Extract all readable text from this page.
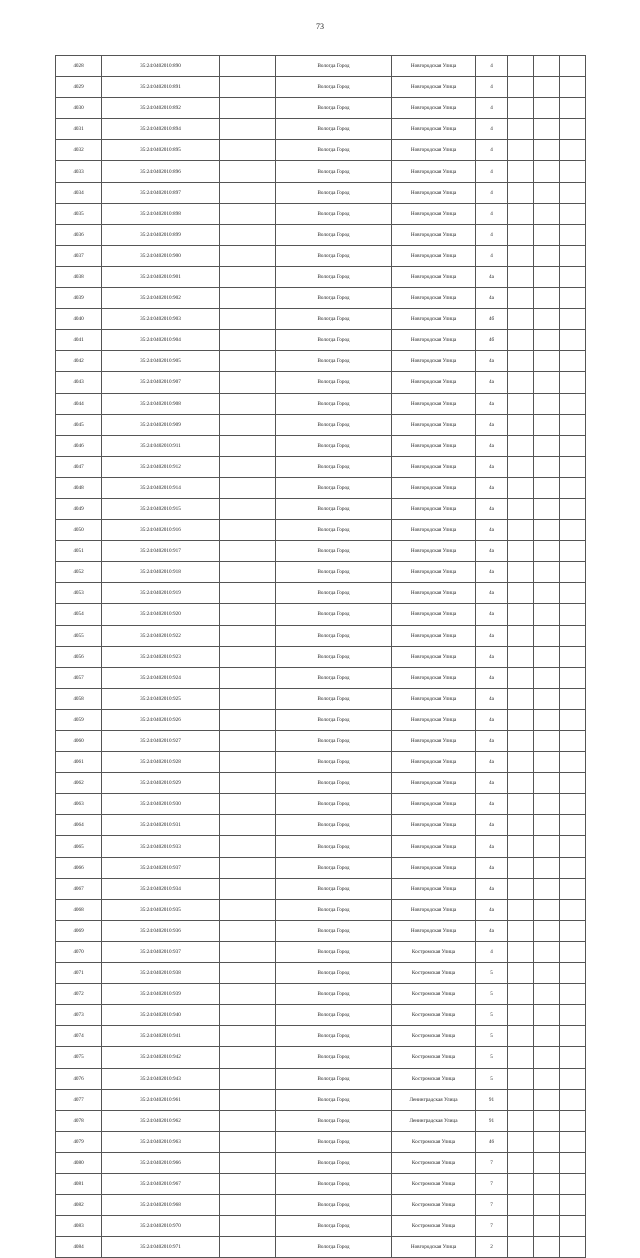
73
4028	35:24:0402010:890		Вологда Город	Новгородская Улица	4			
4029	35:24:0402010:891		Вологда Город	Новгородская Улица	4			
4030	35:24:0402010:892		Вологда Город	Новгородская Улица	4			
4031	35:24:0402010:894		Вологда Город	Новгородская Улица	4			
4032	35:24:0402010:895		Вологда Город	Новгородская Улица	4			
4033	35:24:0402010:896		Вологда Город	Новгородская Улица	4			
4034	35:24:0402010:897		Вологда Город	Новгородская Улица	4			
4035	35:24:0402010:898		Вологда Город	Новгородская Улица	4			
4036	35:24:0402010:899		Вологда Город	Новгородская Улица	4			
4037	35:24:0402010:900		Вологда Город	Новгородская Улица	4			
4038	35:24:0402010:901		Вологда Город	Новгородская Улица	4а			
4039	35:24:0402010:902		Вологда Город	Новгородская Улица	4а			
4040	35:24:0402010:903		Вологда Город	Новгородская Улица	4б			
4041	35:24:0402010:904		Вологда Город	Новгородская Улица	4б			
4042	35:24:0402010:905		Вологда Город	Новгородская Улица	4а			
4043	35:24:0402010:907		Вологда Город	Новгородская Улица	4а			
4044	35:24:0402010:908		Вологда Город	Новгородская Улица	4а			
4045	35:24:0402010:909		Вологда Город	Новгородская Улица	4а			
4046	35:24:0402010:911		Вологда Город	Новгородская Улица	4а			
4047	35:24:0402010:912		Вологда Город	Новгородская Улица	4а			
4048	35:24:0402010:914		Вологда Город	Новгородская Улица	4а			
4049	35:24:0402010:915		Вологда Город	Новгородская Улица	4а			
4050	35:24:0402010:916		Вологда Город	Новгородская Улица	4а			
4051	35:24:0402010:917		Вологда Город	Новгородская Улица	4а			
4052	35:24:0402010:918		Вологда Город	Новгородская Улица	4а			
4053	35:24:0402010:919		Вологда Город	Новгородская Улица	4а			
4054	35:24:0402010:920		Вологда Город	Новгородская Улица	4а			
4055	35:24:0402010:922		Вологда Город	Новгородская Улица	4а			
4056	35:24:0402010:923		Вологда Город	Новгородская Улица	4а			
4057	35:24:0402010:924		Вологда Город	Новгородская Улица	4а			
4058	35:24:0402010:925		Вологда Город	Новгородская Улица	4а			
4059	35:24:0402010:926		Вологда Город	Новгородская Улица	4а			
4060	35:24:0402010:927		Вологда Город	Новгородская Улица	4а			
4061	35:24:0402010:928		Вологда Город	Новгородская Улица	4а			
4062	35:24:0402010:929		Вологда Город	Новгородская Улица	4а			
4063	35:24:0402010:930		Вологда Город	Новгородская Улица	4а			
4064	35:24:0402010:931		Вологда Город	Новгородская Улица	4а			
4065	35:24:0402010:933		Вологда Город	Новгородская Улица	4а			
4066	35:24:0402010:937		Вологда Город	Новгородская Улица	4а			
4067	35:24:0402010:934		Вологда Город	Новгородская Улица	4а			
4068	35:24:0402010:935		Вологда Город	Новгородская Улица	4а			
4069	35:24:0402010:936		Вологда Город	Новгородская Улица	4а			
4070	35:24:0402010:937		Вологда Город	Костромская Улица	4			
4071	35:24:0402010:938		Вологда Город	Костромская Улица	5			
4072	35:24:0402010:939		Вологда Город	Костромская Улица	5			
4073	35:24:0402010:940		Вологда Город	Костромская Улица	5			
4074	35:24:0402010:941		Вологда Город	Костромская Улица	5			
4075	35:24:0402010:942		Вологда Город	Костромская Улица	5			
4076	35:24:0402010:943		Вологда Город	Костромская Улица	5			
4077	35:24:0402010:961		Вологда Город	Ленинградская Улица	91			
4078	35:24:0402010:962		Вологда Город	Ленинградская Улица	91			
4079	35:24:0402010:963		Вологда Город	Костромская Улица	46			
4080	35:24:0402010:966		Вологда Город	Костромская Улица	7			
4081	35:24:0402010:967		Вологда Город	Костромская Улица	7			
4082	35:24:0402010:968		Вологда Город	Костромская Улица	7			
4083	35:24:0402010:970		Вологда Город	Костромская Улица	7			
4084	35:24:0402010:971		Вологда Город	Новгородская Улица	2			
